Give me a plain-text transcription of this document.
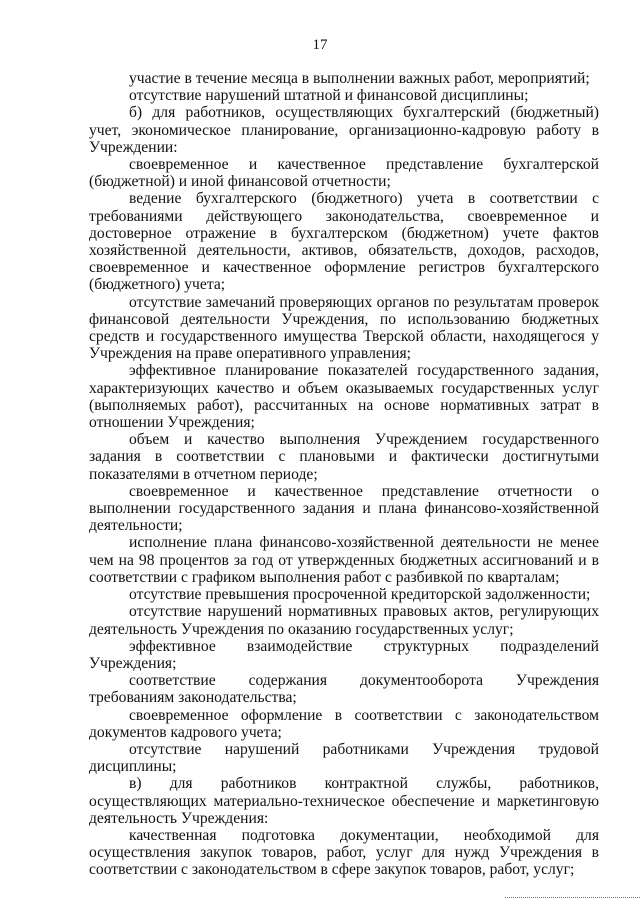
17

участие в течение месяца в выполнении важных работ, мероприятий;

отсутствие нарушений штатной и финансовой дисциплины;

б) для работников, осуществляющих бухгалтерский (бюджетный) учет, экономическое планирование, организационно-кадровую работу в Учреждении:

своевременное и качественное представление бухгалтерской (бюджетной) и иной финансовой отчетности;

ведение бухгалтерского (бюджетного) учета в соответствии с требованиями действующего законодательства, своевременное и достоверное отражение в бухгалтерском (бюджетном) учете фактов хозяйственной деятельности, активов, обязательств, доходов, расходов, своевременное и качественное оформление регистров бухгалтерского (бюджетного) учета;

отсутствие замечаний проверяющих органов по результатам проверок финансовой деятельности Учреждения, по использованию бюджетных средств и государственного имущества Тверской области, находящегося у Учреждения на праве оперативного управления;

эффективное планирование показателей государственного задания, характеризующих качество и объем оказываемых государственных услуг (выполняемых работ), рассчитанных на основе нормативных затрат в отношении Учреждения;

объем и качество выполнения Учреждением государственного задания в соответствии с плановыми и фактически достигнутыми показателями в отчетном периоде;

своевременное и качественное представление отчетности о выполнении государственного задания и плана финансово-хозяйственной деятельности;

исполнение плана финансово-хозяйственной деятельности не менее чем на 98 процентов за год от утвержденных бюджетных ассигнований и в соответствии с графиком выполнения работ с разбивкой по кварталам;

отсутствие превышения просроченной кредиторской задолженности;

отсутствие нарушений нормативных правовых актов, регулирующих деятельность Учреждения по оказанию государственных услуг;

эффективное взаимодействие структурных подразделений Учреждения;

соответствие содержания документооборота Учреждения требованиям законодательства;

своевременное оформление в соответствии с законодательством документов кадрового учета;

отсутствие нарушений работниками Учреждения трудовой дисциплины;

в) для работников контрактной службы, работников, осуществляющих материально-техническое обеспечение и маркетинговую деятельность Учреждения:

качественная подготовка документации, необходимой для осуществления закупок товаров, работ, услуг для нужд Учреждения в соответствии с законодательством в сфере закупок товаров, работ, услуг;
